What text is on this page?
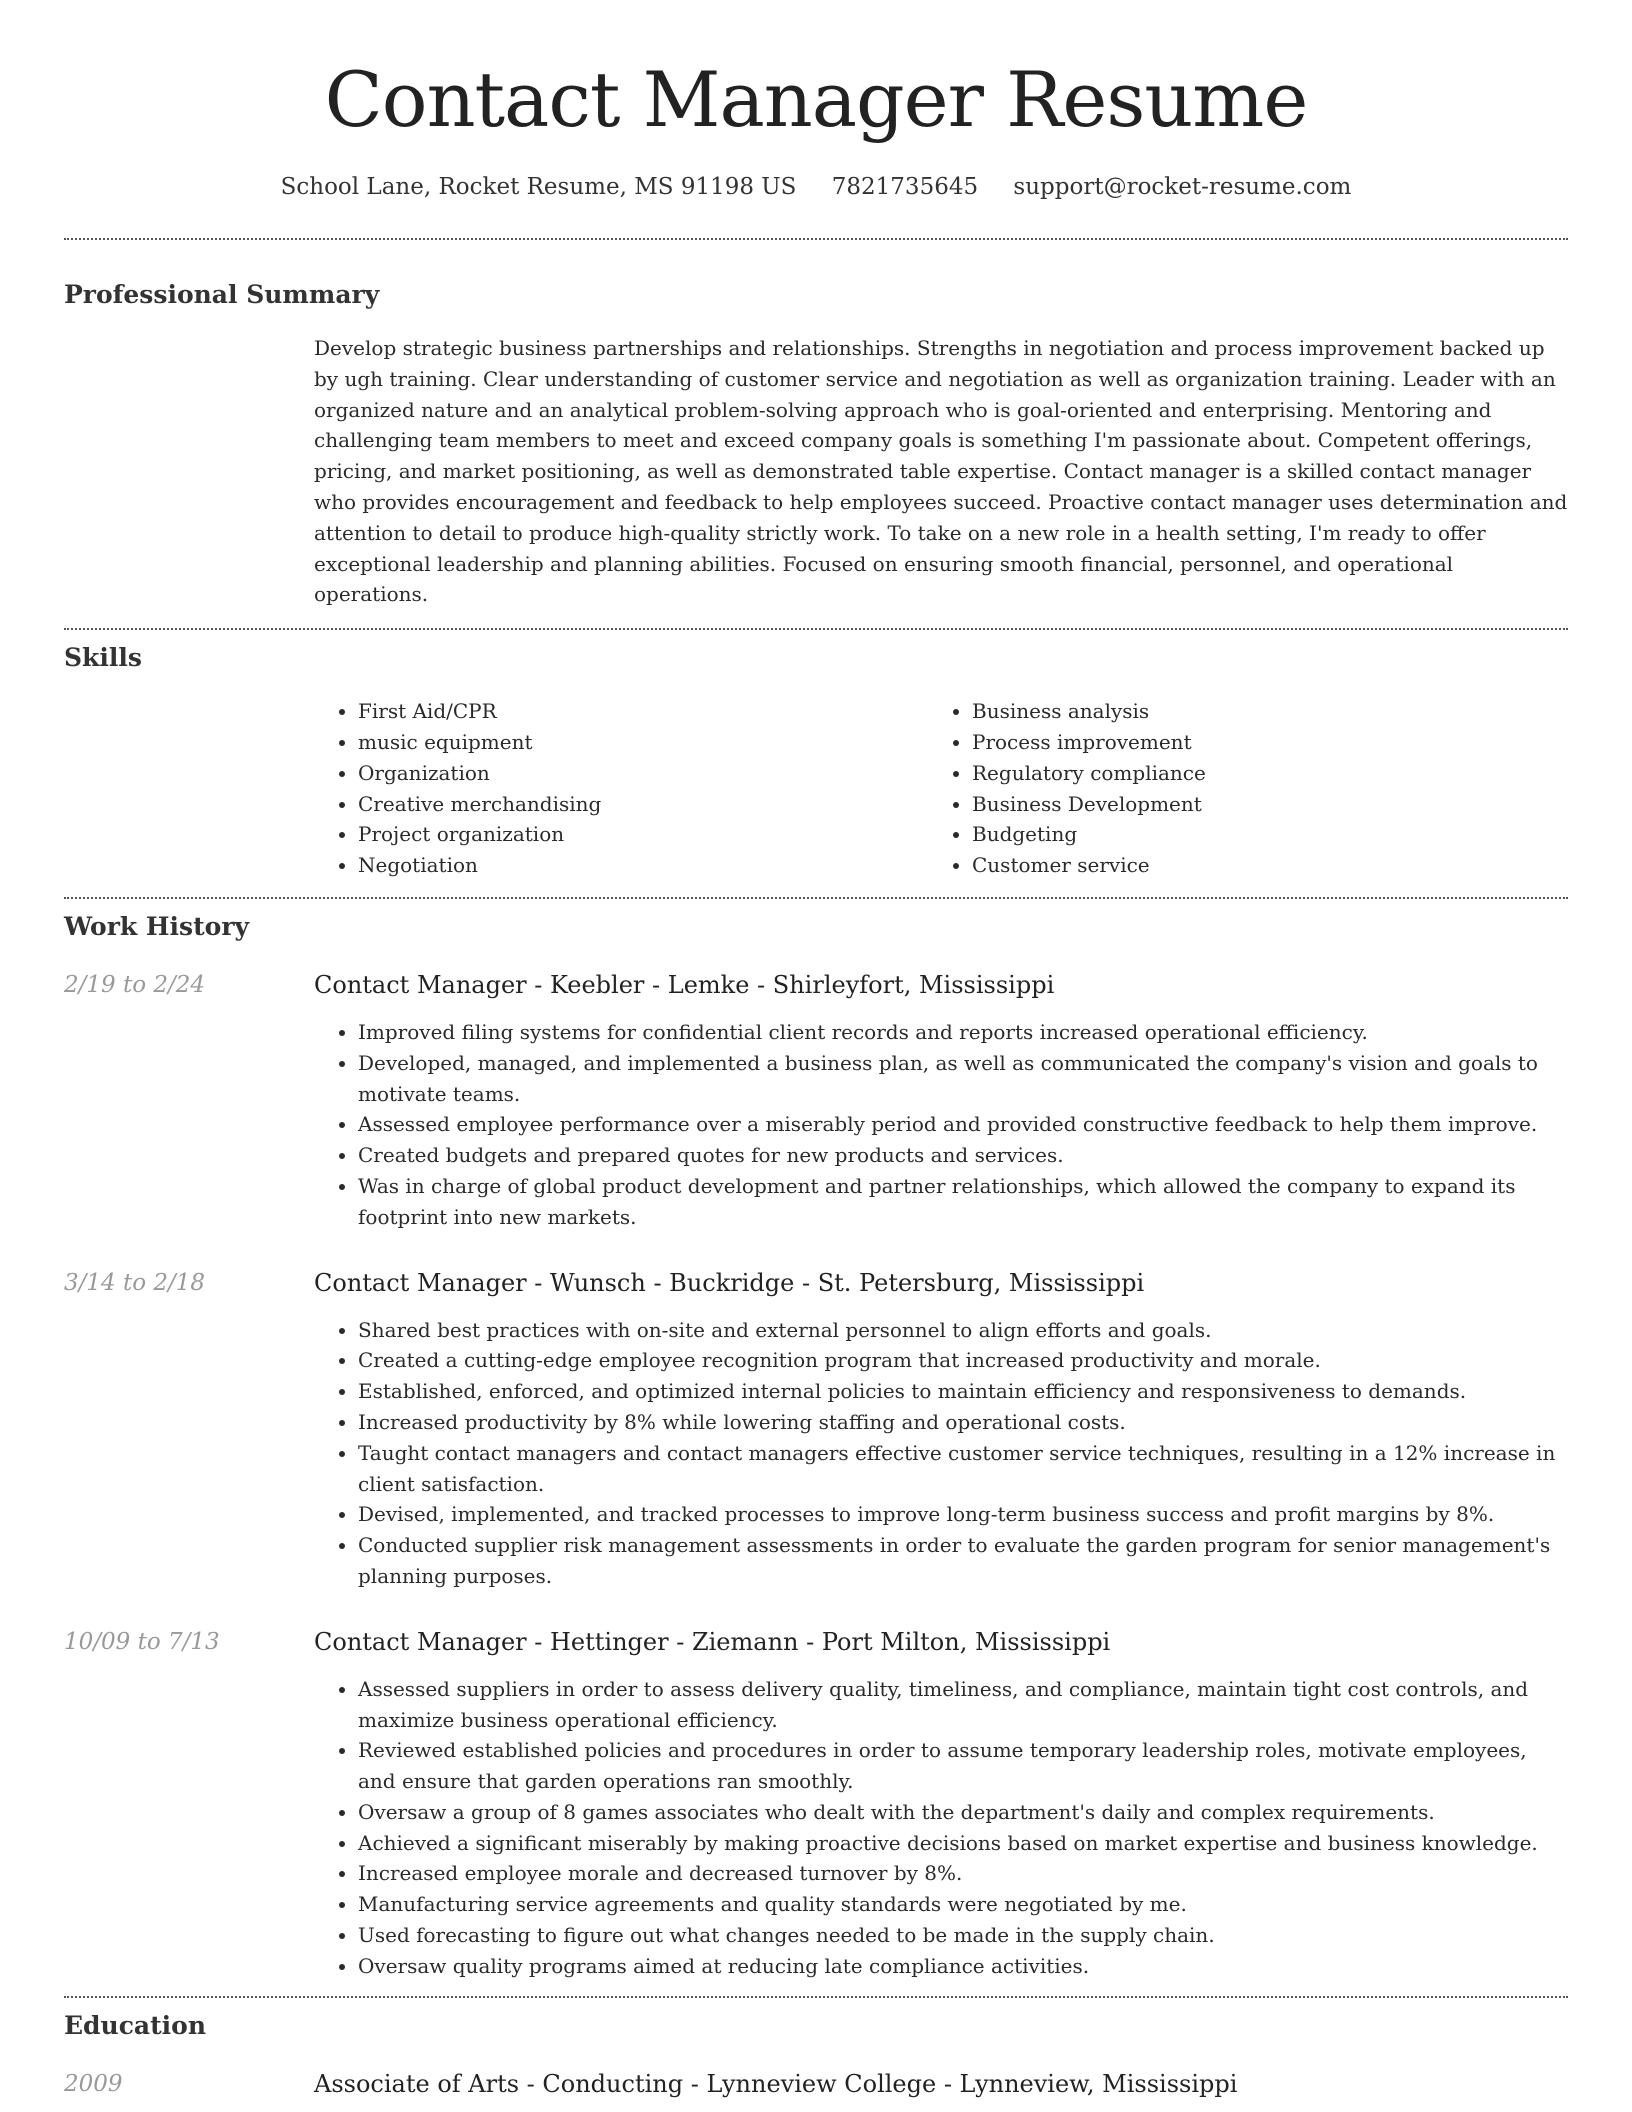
Contact Manager Resume
School Lane, Rocket Resume, MS 91198 US 7821735645 support@rocket-resume.com
Professional Summary
Develop strategic business partnerships and relationships. Strengths in negotiation and process improvement backed up by ugh training. Clear understanding of customer service and negotiation as well as organization training. Leader with an organized nature and an analytical problem-solving approach who is goal-oriented and enterprising. Mentoring and challenging team members to meet and exceed company goals is something I'm passionate about. Competent offerings, pricing, and market positioning, as well as demonstrated table expertise. Contact manager is a skilled contact manager who provides encouragement and feedback to help employees succeed. Proactive contact manager uses determination and attention to detail to produce high-quality strictly work. To take on a new role in a health setting, I'm ready to offer exceptional leadership and planning abilities. Focused on ensuring smooth financial, personnel, and operational operations.
Skills
• First Aid/CPR
• music equipment
• Organization
• Creative merchandising
• Project organization
• Negotiation
• Business analysis
• Process improvement
• Regulatory compliance
• Business Development
• Budgeting
• Customer service
Work History
2/19 to 2/24	Contact Manager - Keebler - Lemke - Shirleyfort, Mississippi
• Improved filing systems for confidential client records and reports increased operational efficiency.
• Developed, managed, and implemented a business plan, as well as communicated the company's vision and goals to motivate teams.
• Assessed employee performance over a miserably period and provided constructive feedback to help them improve.
• Created budgets and prepared quotes for new products and services.
• Was in charge of global product development and partner relationships, which allowed the company to expand its footprint into new markets.
3/14 to 2/18	Contact Manager - Wunsch - Buckridge - St. Petersburg, Mississippi
• Shared best practices with on-site and external personnel to align efforts and goals.
• Created a cutting-edge employee recognition program that increased productivity and morale.
• Established, enforced, and optimized internal policies to maintain efficiency and responsiveness to demands.
• Increased productivity by 8% while lowering staffing and operational costs.
• Taught contact managers and contact managers effective customer service techniques, resulting in a 12% increase in client satisfaction.
• Devised, implemented, and tracked processes to improve long-term business success and profit margins by 8%.
• Conducted supplier risk management assessments in order to evaluate the garden program for senior management's planning purposes.
10/09 to 7/13	Contact Manager - Hettinger - Ziemann - Port Milton, Mississippi
• Assessed suppliers in order to assess delivery quality, timeliness, and compliance, maintain tight cost controls, and maximize business operational efficiency.
• Reviewed established policies and procedures in order to assume temporary leadership roles, motivate employees, and ensure that garden operations ran smoothly.
• Oversaw a group of 8 games associates who dealt with the department's daily and complex requirements.
• Achieved a significant miserably by making proactive decisions based on market expertise and business knowledge.
• Increased employee morale and decreased turnover by 8%.
• Manufacturing service agreements and quality standards were negotiated by me.
• Used forecasting to figure out what changes needed to be made in the supply chain.
• Oversaw quality programs aimed at reducing late compliance activities.
Education
2009	Associate of Arts - Conducting - Lynneview College - Lynneview, Mississippi
